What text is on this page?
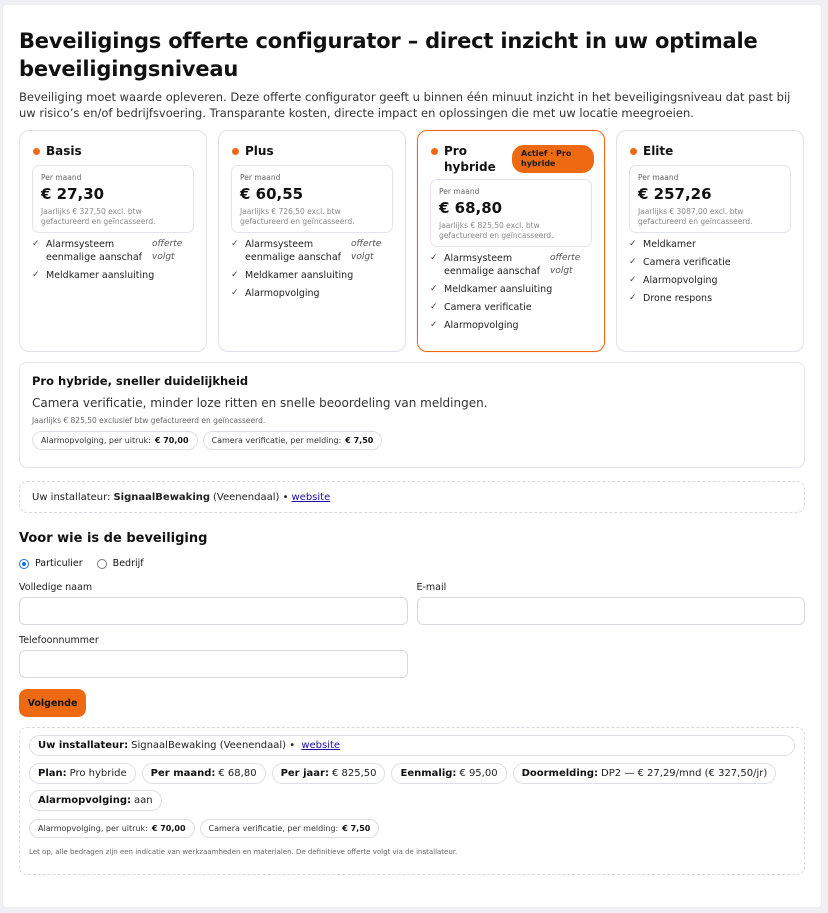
Beveiligings offerte configurator – direct inzicht in uw optimale beveiligingsniveau

Beveiliging moet waarde opleveren. Deze offerte configurator geeft u binnen één minuut inzicht in het beveiligingsniveau dat past bij uw risico’s en/of bedrijfsvoering. Transparante kosten, directe impact en oplossingen die met uw locatie meegroeien.

Basis
Per maand
€ 27,30
Jaarlijks € 327,50 excl. btw gefactureerd en geïncasseerd.
✓ Alarmsysteem eenmalige aanschaf
offerte volgt
✓ Meldkamer aansluiting
Plus
Per maand
€ 60,55
Jaarlijks € 726,50 excl. btw gefactureerd en geïncasseerd.
✓ Alarmsysteem eenmalige aanschaf
offerte volgt
✓ Meldkamer aansluiting
✓ Alarmopvolging
Pro hybride
Actief · Pro hybride
Per maand
€ 68,80
Jaarlijks € 825,50 excl. btw gefactureerd en geïncasseerd.
✓ Alarmsysteem eenmalige aanschaf
offerte volgt
✓ Meldkamer aansluiting
✓ Camera verificatie
✓ Alarmopvolging
Elite
Per maand
€ 257,26
Jaarlijks € 3087,00 excl. btw gefactureerd en geïncasseerd.
✓ Meldkamer
✓ Camera verificatie
✓ Alarmopvolging
✓ Drone respons
Pro hybride, sneller duidelijkheid
Camera verificatie, minder loze ritten en snelle beoordeling van meldingen.
Jaarlijks € 825,50 exclusief btw gefactureerd en geïncasseerd.
Alarmopvolging, per uitruk: € 70,00	Camera verificatie, per melding: € 7,50
Uw installateur: SignaalBewaking (Veenendaal) • website
Voor wie is de beveiliging
Particulier	Bedrijf
Volledige naam	E-mail
Telefoonnummer
Volgende
Uw installateur: SignaalBewaking (Veenendaal) • website
Plan: Pro hybride	Per maand: € 68,80	Per jaar: € 825,50	Eenmalig: € 95,00	Doormelding: DP2 — € 27,29/mnd (€ 327,50/jr)
Alarmopvolging: aan
Alarmopvolging, per uitruk: € 70,00	Camera verificatie, per melding: € 7,50
Let op, alle bedragen zijn een indicatie van werkzaamheden en materialen. De definitieve offerte volgt via de installateur.
